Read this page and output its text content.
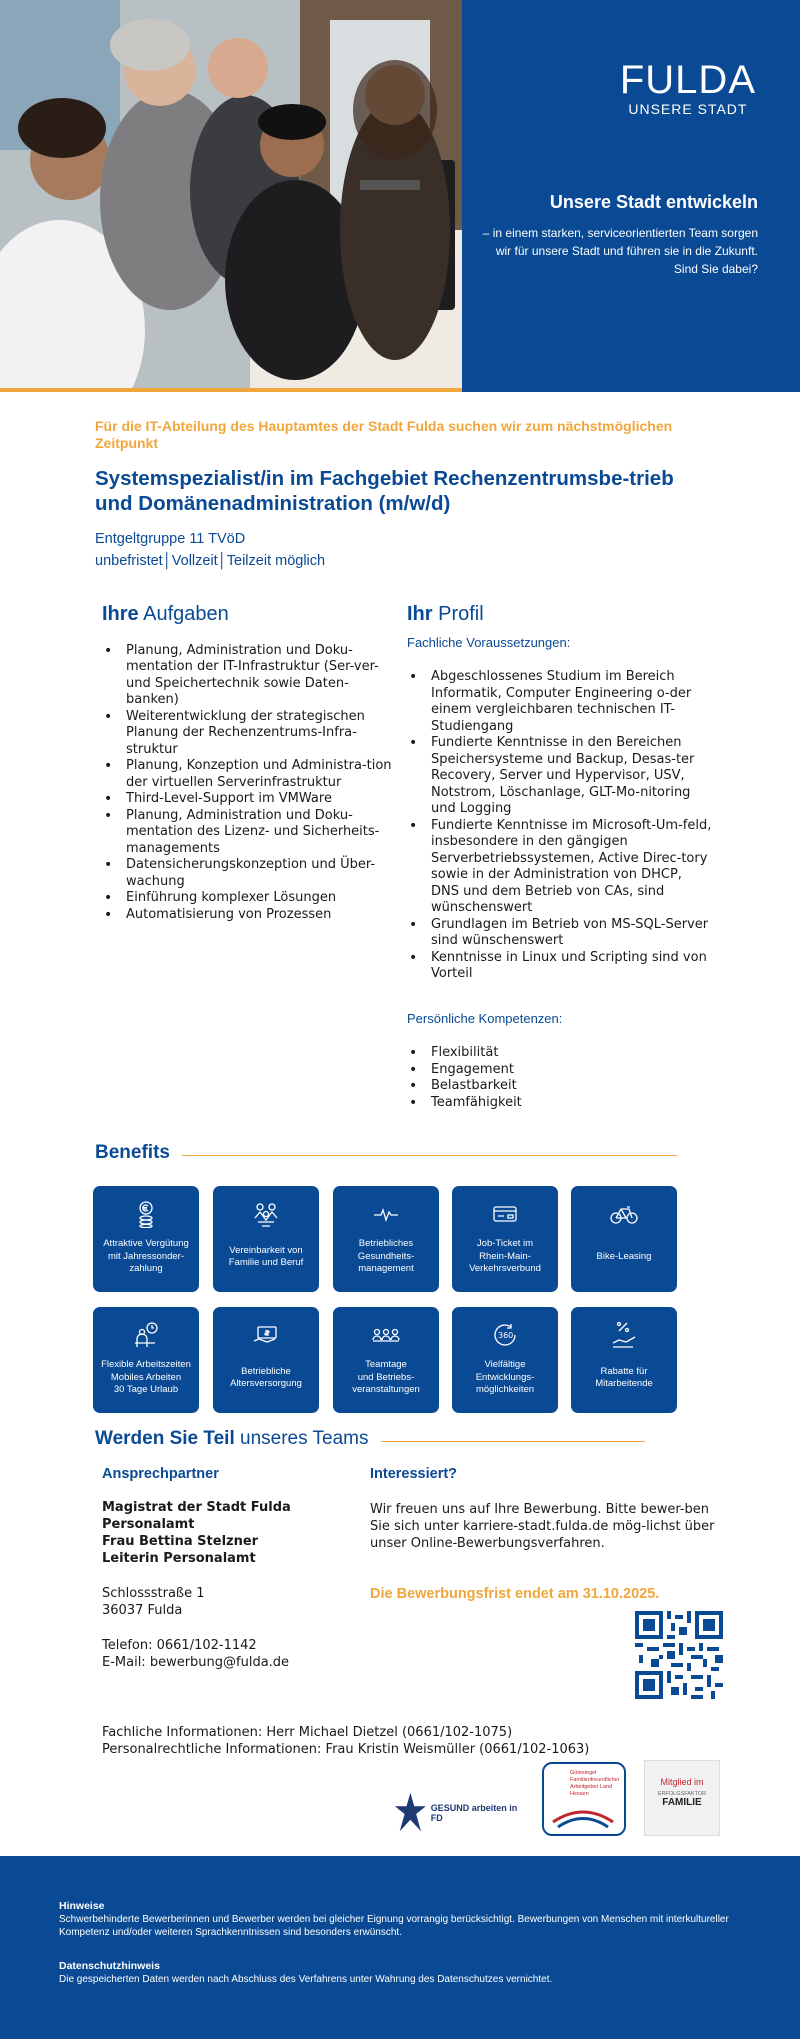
FULDA
UNSERE STADT
Unsere Stadt entwickeln
– in einem starken, serviceorientierten Team sorgen wir für unsere Stadt und führen sie in die Zukunft. Sind Sie dabei?
Für die IT-Abteilung des Hauptamtes der Stadt Fulda suchen wir zum nächstmöglichen Zeitpunkt
Systemspezialist/in im Fachgebiet Rechenzentrumsbe-trieb und Domänenadministration (m/w/d)
Entgeltgruppe 11 TVöD
unbefristet│Vollzeit│Teilzeit möglich
Ihre Aufgaben
• Planung, Administration und Doku-mentation der IT-Infrastruktur (Ser-ver- und Speichertechnik sowie Daten-banken)
• Weiterentwicklung der strategischen Planung der Rechenzentrums-Infra-struktur
• Planung, Konzeption und Administra-tion der virtuellen Serverinfrastruktur
• Third-Level-Support im VMWare
• Planung, Administration und Doku-mentation des Lizenz- und Sicherheits-managements
• Datensicherungskonzeption und Über-wachung
• Einführung komplexer Lösungen
• Automatisierung von Prozessen
Ihr Profil
Fachliche Voraussetzungen:
• Abgeschlossenes Studium im Bereich Informatik, Computer Engineering o-der einem vergleichbaren technischen IT-Studiengang
• Fundierte Kenntnisse in den Bereichen Speichersysteme und Backup, Desas-ter Recovery, Server und Hypervisor, USV, Notstrom, Löschanlage, GLT-Mo-nitoring und Logging
• Fundierte Kenntnisse im Microsoft-Um-feld, insbesondere in den gängigen Serverbetriebssystemen, Active Direc-tory sowie in der Administration von DHCP, DNS und dem Betrieb von CAs, sind wünschenswert
• Grundlagen im Betrieb von MS-SQL-Server sind wünschenswert
• Kenntnisse in Linux und Scripting sind von Vorteil
Persönliche Kompetenzen:
• Flexibilität
• Engagement
• Belastbarkeit
• Teamfähigkeit
Benefits
Attraktive Vergütung
mit Jahressonder-
zahlung
Vereinbarkeit von
Familie und Beruf
Betriebliches
Gesundheits-
management
Job-Ticket im
Rhein-Main-
Verkehrsverbund
Bike-Leasing
Flexible Arbeitszeiten
Mobiles Arbeiten
30 Tage Urlaub
Betriebliche
Altersversorgung
Teamtage
und Betriebs-
veranstaltungen
360
Vielfältige
Entwicklungs-
möglichkeiten
Rabatte für
Mitarbeitende
Werden Sie Teil unseres Teams
Ansprechpartner
Magistrat der Stadt Fulda
Personalamt
Frau Bettina Stelzner
Leiterin Personalamt
Schlossstraße 1
36037 Fulda
Telefon: 0661/102-1142
E-Mail: bewerbung@fulda.de
Interessiert?
Wir freuen uns auf Ihre Bewerbung. Bitte bewer-ben Sie sich unter karriere-stadt.fulda.de mög-lichst über unser Online-Bewerbungsverfahren.
Die Bewerbungsfrist endet am 31.10.2025.
Fachliche Informationen: Herr Michael Dietzel (0661/102-1075)
Personalrechtliche Informationen: Frau Kristin Weismüller (0661/102-1063)
GESUND arbeiten in FD
Gütesiegel Familienfreundlicher Arbeitgeber Land Hessen
Mitglied im
ERFOLGSFAKTOR
FAMILIE
Hinweise
Schwerbehinderte Bewerberinnen und Bewerber werden bei gleicher Eignung vorrangig berücksichtigt. Bewerbungen von Menschen mit interkultureller Kompetenz und/oder weiteren Sprachkenntnissen sind besonders erwünscht.
Datenschutzhinweis
Die gespeicherten Daten werden nach Abschluss des Verfahrens unter Wahrung des Datenschutzes vernichtet.
